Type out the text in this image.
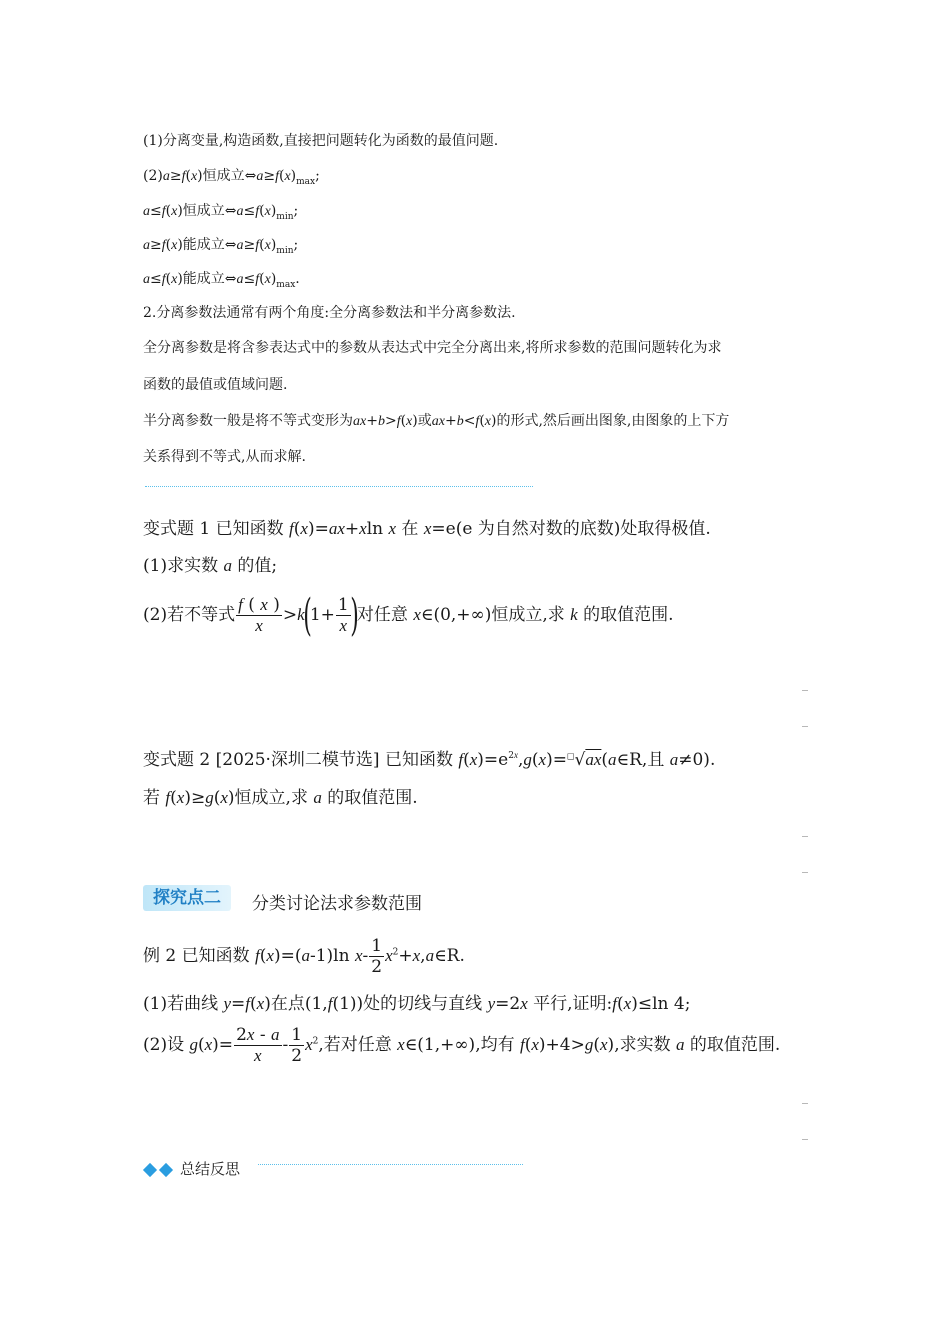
(1)分离变量,构造函数,直接把问题转化为函数的最值问题.
(2)a≥f(x)恒成立$\Leftrightarrow a\ge f(x)_{max}$;
a≤f(x)恒成立$\Leftrightarrow a\le f(x)_{min}$;
a≥f(x)能成立$\Leftrightarrow a\ge f(x)_{min}$;
a≤f(x)能成立$\Leftrightarrow a\le f(x)_{max}$.
2.分离参数法通常有两个角度:全分离参数法和半分离参数法.
全分离参数是将含参表达式中的参数从表达式中完全分离出来,将所求参数的范围问题转化为求
函数的最值或值域问题.
半分离参数一般是将不等式变形为ax+b>f(x)或ax+b<f(x)的形式,然后画出图象,由图象的上下方
关系得到不等式,从而求解.
变式题 1 已知函数 f(x)=ax+xln x 在 x=e(e 为自然对数的底数)处取得极值.
(1)求实数 a 的值;
(2)若不等式 $\frac{f ( x )}{x} >k(1+ \frac{1}{x}$ )对任意 x∈(0,+∞)恒成立,求 k 的取值范围.
变式题 2 [2025·深圳二模节选] 已知函数 $f(x)=e^{2x},g(x)=^□√ax(a\in R$,且 a≠0).
若 f(x)≥g(x)恒成立,求 a 的取值范围.
探究点二	分类讨论法求参数范围
例 2 已知函数 f(x)=(a-1)ln $x- \frac{1}{2}$ $x^2+x,a\in R$.
(1)若曲线 y=f(x)在点(1,f(1))处的切线与直线 y=2x 平行,证明:f(x)≤ln 4;
(2)设 $g(x)= \frac{2x - a}{x} - \frac{1}{2} x^2$,若对任意 x∈(1,+∞),均有 f(x)+4>g(x),求实数 a 的取值范围.
总结反思
